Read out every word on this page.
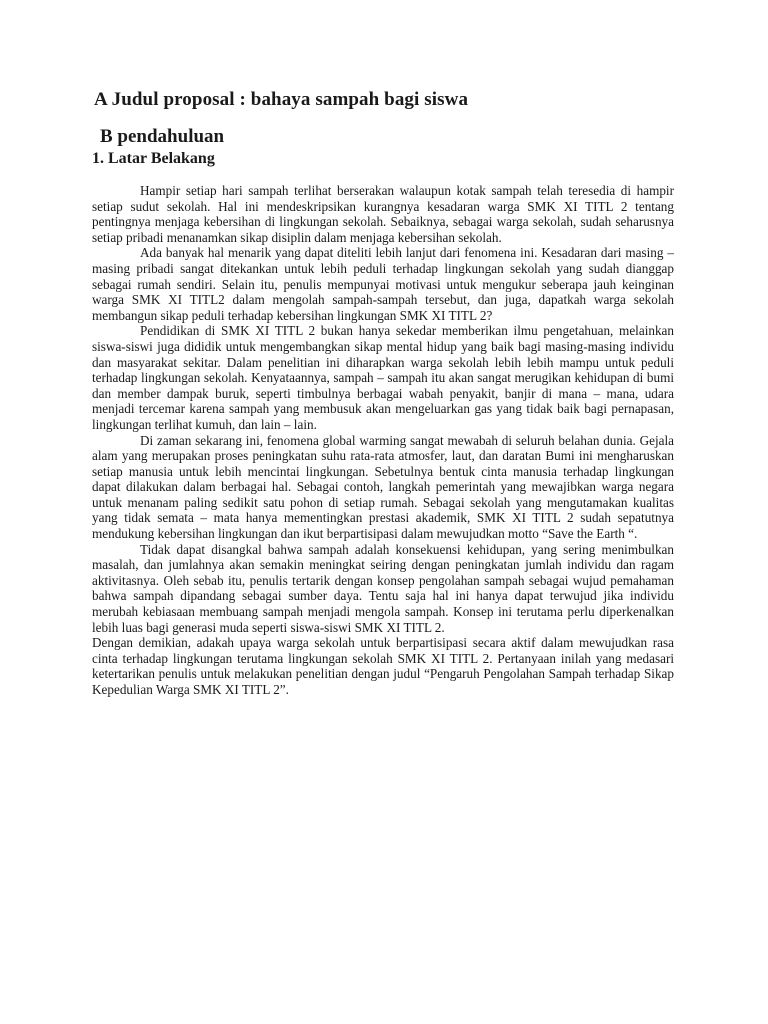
A Judul proposal : bahaya sampah bagi siswa
B pendahuluan
1. Latar Belakang

Hampir setiap hari sampah terlihat berserakan walaupun kotak sampah telah teresedia di hampir setiap sudut sekolah. Hal ini mendeskripsikan kurangnya kesadaran warga SMK XI TITL 2 tentang pentingnya menjaga kebersihan di lingkungan sekolah. Sebaiknya, sebagai warga sekolah, sudah seharusnya setiap pribadi menanamkan sikap disiplin dalam menjaga kebersihan sekolah.

Ada banyak hal menarik yang dapat diteliti lebih lanjut dari fenomena ini. Kesadaran dari masing – masing pribadi sangat ditekankan untuk lebih peduli terhadap lingkungan sekolah yang sudah dianggap sebagai rumah sendiri. Selain itu, penulis mempunyai motivasi untuk mengukur seberapa jauh keinginan warga SMK XI TITL2 dalam mengolah sampah-sampah tersebut, dan juga, dapatkah warga sekolah membangun sikap peduli terhadap kebersihan lingkungan SMK XI TITL 2?

Pendidikan di SMK XI TITL 2 bukan hanya sekedar memberikan ilmu pengetahuan, melainkan siswa-siswi juga dididik untuk mengembangkan sikap mental hidup yang baik bagi masing-masing individu dan masyarakat sekitar. Dalam penelitian ini diharapkan warga sekolah lebih lebih mampu untuk peduli terhadap lingkungan sekolah. Kenyataannya, sampah – sampah itu akan sangat merugikan kehidupan di bumi dan member dampak buruk, seperti timbulnya berbagai wabah penyakit, banjir di mana – mana, udara menjadi tercemar karena sampah yang membusuk akan mengeluarkan gas yang tidak baik bagi pernapasan, lingkungan terlihat kumuh, dan lain – lain.

Di zaman sekarang ini, fenomena global warming sangat mewabah di seluruh belahan dunia. Gejala alam yang merupakan proses peningkatan suhu rata-rata atmosfer, laut, dan daratan Bumi ini mengharuskan setiap manusia untuk lebih mencintai lingkungan. Sebetulnya bentuk cinta manusia terhadap lingkungan dapat dilakukan dalam berbagai hal. Sebagai contoh, langkah pemerintah yang mewajibkan warga negara untuk menanam paling sedikit satu pohon di setiap rumah. Sebagai sekolah yang mengutamakan kualitas yang tidak semata – mata hanya mementingkan prestasi akademik, SMK XI TITL 2 sudah sepatutnya mendukung kebersihan lingkungan dan ikut berpartisipasi dalam mewujudkan motto “Save the Earth “.

Tidak dapat disangkal bahwa sampah adalah konsekuensi kehidupan, yang sering menimbulkan masalah, dan jumlahnya akan semakin meningkat seiring dengan peningkatan jumlah individu dan ragam aktivitasnya. Oleh sebab itu, penulis tertarik dengan konsep pengolahan sampah sebagai wujud pemahaman bahwa sampah dipandang sebagai sumber daya. Tentu saja hal ini hanya dapat terwujud jika individu merubah kebiasaan membuang sampah menjadi mengola sampah. Konsep ini terutama perlu diperkenalkan lebih luas bagi generasi muda seperti siswa-siswi SMK XI TITL 2.

Dengan demikian, adakah upaya warga sekolah untuk berpartisipasi secara aktif dalam mewujudkan rasa cinta terhadap lingkungan terutama lingkungan sekolah SMK XI TITL 2. Pertanyaan inilah yang medasari ketertarikan penulis untuk melakukan penelitian dengan judul “Pengaruh Pengolahan Sampah terhadap Sikap Kepedulian Warga SMK XI TITL 2”.
